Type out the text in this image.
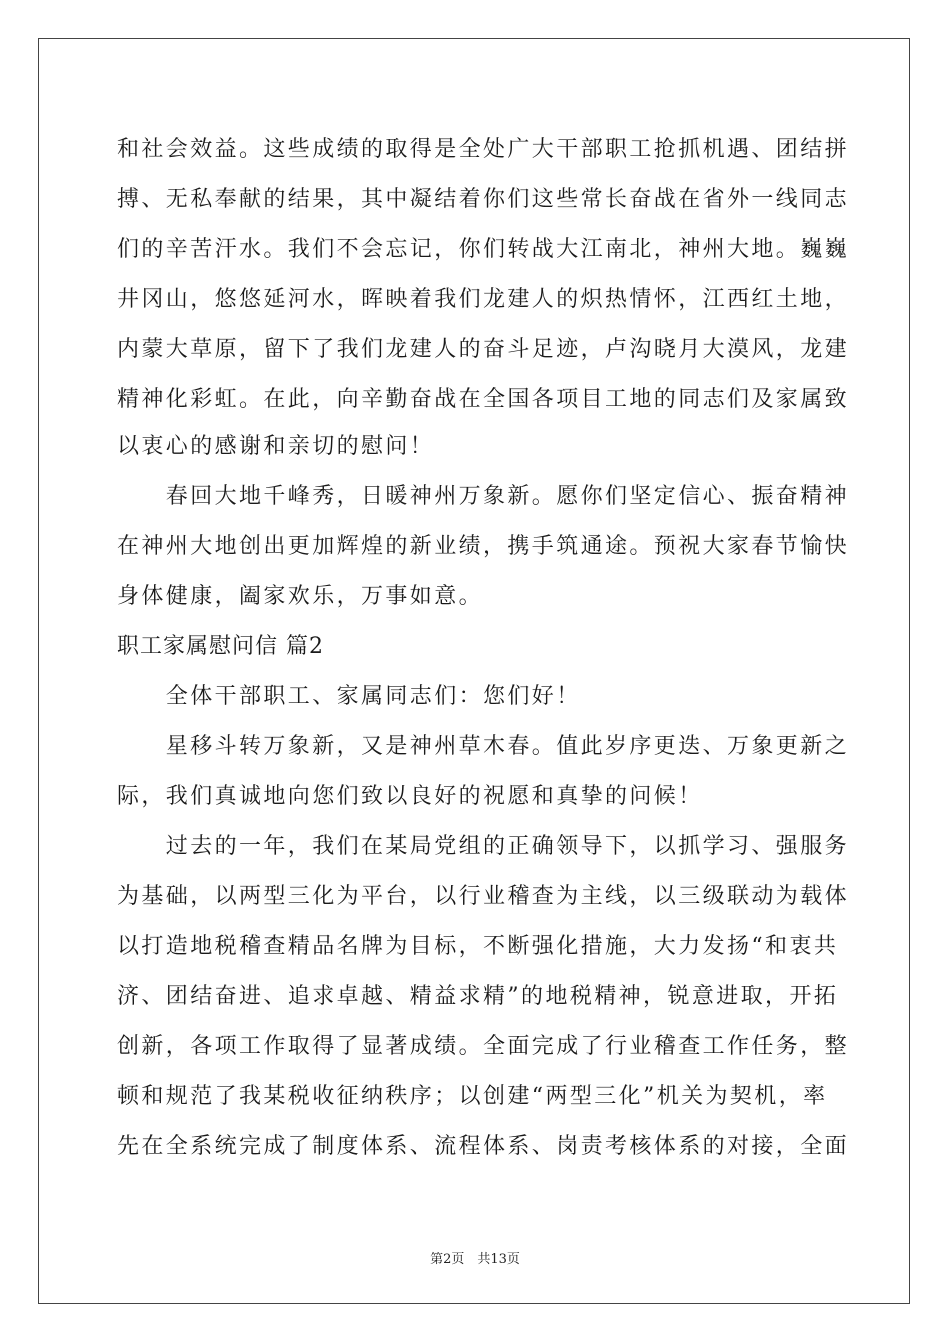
和社会效益。这些成绩的取得是全处广大干部职工抢抓机遇、团结拼

搏、无私奉献的结果，其中凝结着你们这些常长奋战在省外一线同志

们的辛苦汗水。我们不会忘记，你们转战大江南北，神州大地。巍巍

井冈山，悠悠延河水，晖映着我们龙建人的炽热情怀，江西红土地，

内蒙大草原，留下了我们龙建人的奋斗足迹，卢沟晓月大漠风，龙建

精神化彩虹。在此，向辛勤奋战在全国各项目工地的同志们及家属致

以衷心的感谢和亲切的慰问！

　　春回大地千峰秀，日暖神州万象新。愿你们坚定信心、振奋精神

在神州大地创出更加辉煌的新业绩，携手筑通途。预祝大家春节愉快

身体健康，阖家欢乐，万事如意。

职工家属慰问信 篇2

　　全体干部职工、家属同志们：您们好！

　　星移斗转万象新，又是神州草木春。值此岁序更迭、万象更新之

际，我们真诚地向您们致以良好的祝愿和真挚的问候！

　　过去的一年，我们在某局党组的正确领导下，以抓学习、强服务

为基础，以两型三化为平台，以行业稽查为主线，以三级联动为载体

以打造地税稽查精品名牌为目标，不断强化措施，大力发扬“和衷共

济、团结奋进、追求卓越、精益求精”的地税精神，锐意进取，开拓

创新，各项工作取得了显著成绩。全面完成了行业稽查工作任务，整

顿和规范了我某税收征纳秩序；以创建“两型三化”机关为契机，率

先在全系统完成了制度体系、流程体系、岗责考核体系的对接，全面

第2页　共13页
